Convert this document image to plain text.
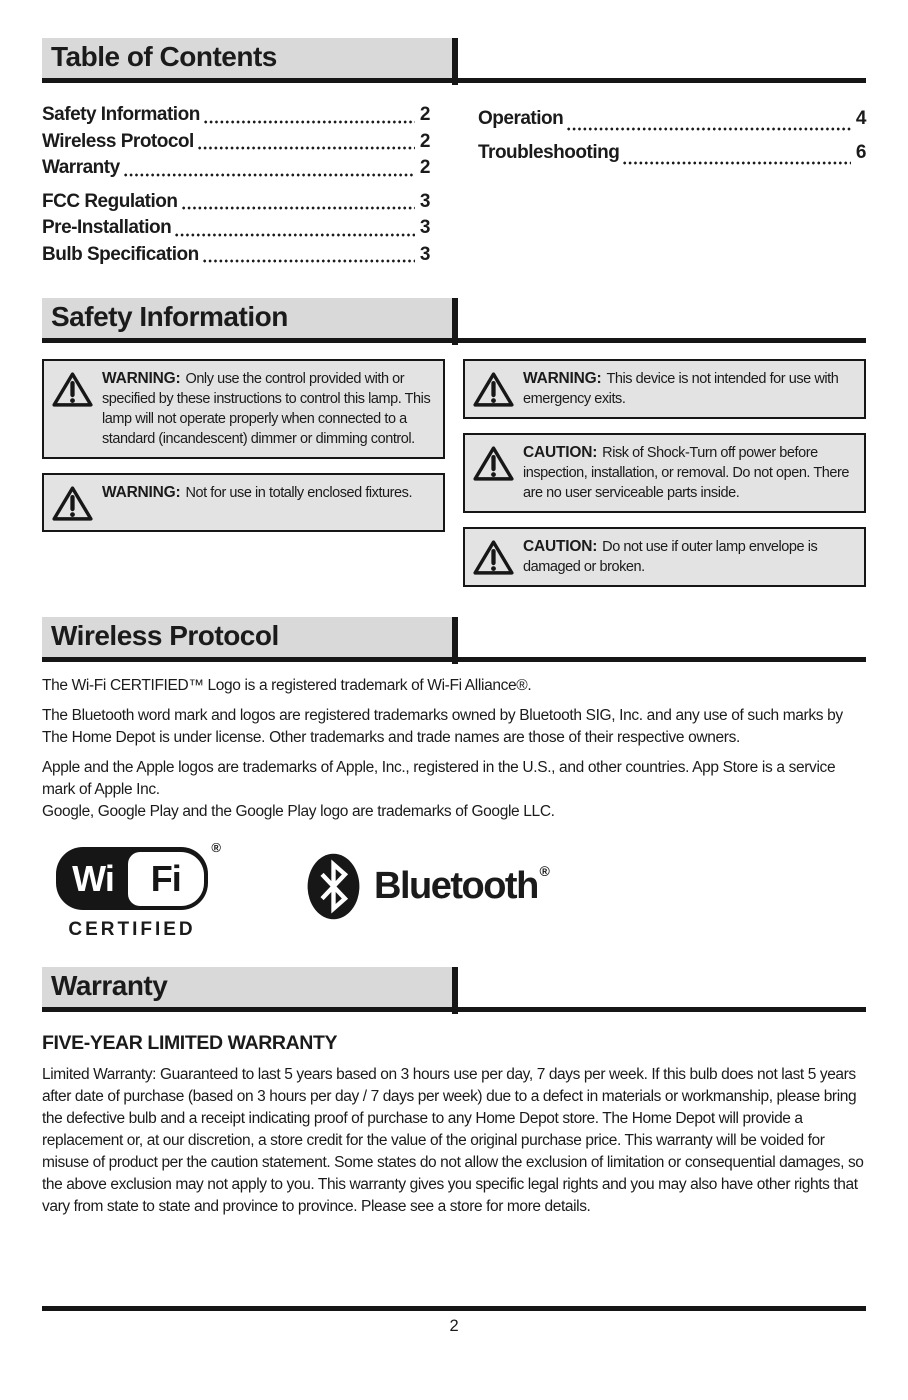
Table of Contents
Safety Information	2
Wireless Protocol	2
Warranty	2
FCC Regulation	3
Pre-Installation	3
Bulb Specification	3
Operation	4
Troubleshooting	6
Safety Information

WARNING: Only use the control provided with or specified by these instructions to control this lamp. This lamp will not operate properly when connected to a standard (incandescent) dimmer or dimming control.

WARNING: Not for use in totally enclosed fixtures.

WARNING: This device is not intended for use with emergency exits.

CAUTION: Risk of Shock-Turn off power before inspection, installation, or removal. Do not open. There are no user serviceable parts inside.

CAUTION: Do not use if outer lamp envelope is damaged or broken.

Wireless Protocol

The Wi-Fi CERTIFIED™ Logo is a registered trademark of Wi-Fi Alliance®.

The Bluetooth word mark and logos are registered trademarks owned by Bluetooth SIG, Inc. and any use of such marks by The Home Depot is under license. Other trademarks and trade names are those of their respective owners.

Apple and the Apple logos are trademarks of Apple, Inc., registered in the U.S., and other countries. App Store is a service mark of Apple Inc.

Google, Google Play and the Google Play logo are trademarks of Google LLC.

Wi	Fi
®
CERTIFIED
Bluetooth ®
Warranty
FIVE-YEAR LIMITED WARRANTY

Limited Warranty: Guaranteed to last 5 years based on 3 hours use per day, 7 days per week. If this bulb does not last 5 years after date of purchase (based on 3 hours per day / 7 days per week) due to a defect in materials or workmanship, please bring the defective bulb and a receipt indicating proof of purchase to any Home Depot store. The Home Depot will provide a replacement or, at our discretion, a store credit for the value of the original purchase price. This warranty will be voided for misuse of product per the caution statement. Some states do not allow the exclusion of limitation or consequential damages, so the above exclusion may not apply to you. This warranty gives you specific legal rights and you may also have other rights that vary from state to state and province to province. Please see a store for more details.

2
